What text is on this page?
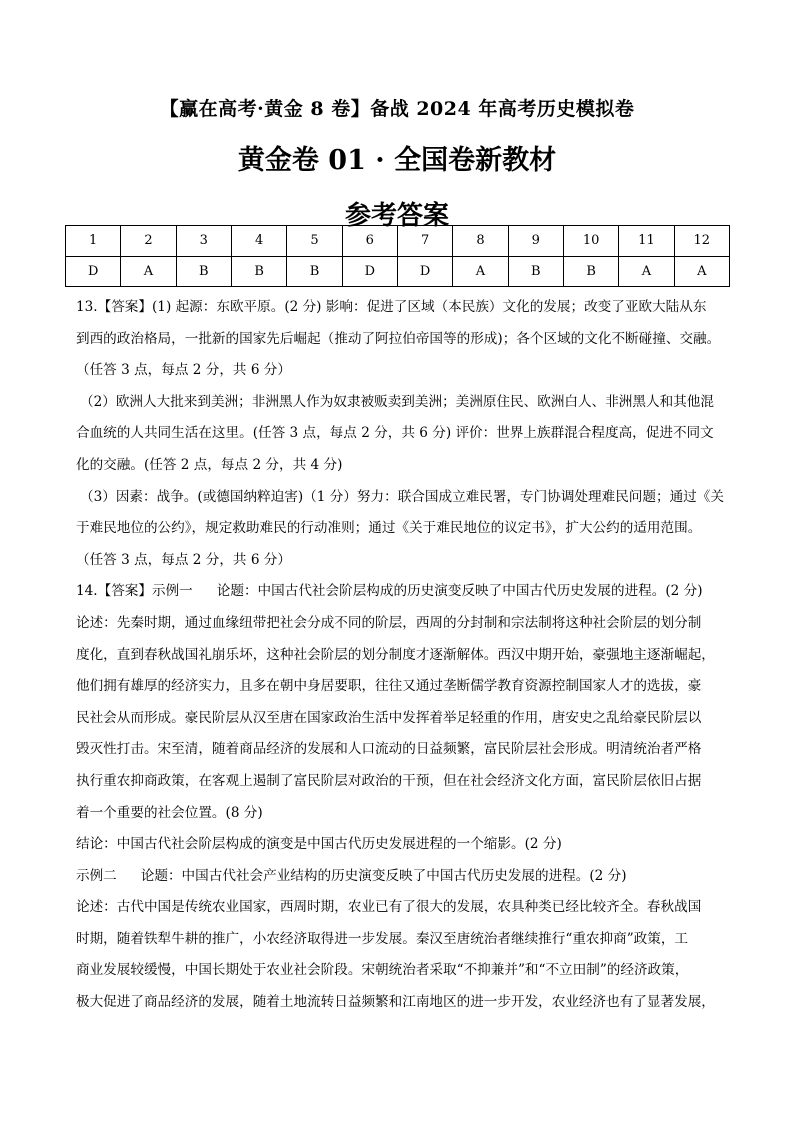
【赢在高考·黄金 8 卷】备战 2024 年高考历史模拟卷
黄金卷 01 · 全国卷新教材
参考答案
1	2	3	4	5	6	7	8	9	10	11	12
D	A	B	B	B	D	D	A	B	B	A	A
13.【答案】(1) 起源：东欧平原。(2 分) 影响：促进了区域（本民族）文化的发展；改变了亚欧大陆从东
到西的政治格局，一批新的国家先后崛起（推动了阿拉伯帝国等的形成)；各个区域的文化不断碰撞、交融。
（任答 3 点，每点 2 分，共 6 分）
（2）欧洲人大批来到美洲；非洲黑人作为奴隶被贩卖到美洲；美洲原住民、欧洲白人、非洲黑人和其他混
合血统的人共同生活在这里。(任答 3 点，每点 2 分，共 6 分) 评价：世界上族群混合程度高，促进不同文
化的交融。(任答 2 点，每点 2 分，共 4 分)
（3）因素：战争。(或德国纳粹迫害)（1 分）努力：联合国成立难民署，专门协调处理难民问题；通过《关
于难民地位的公约》，规定救助难民的行动准则；通过《关于难民地位的议定书》，扩大公约的适用范围。
（任答 3 点，每点 2 分，共 6 分）
14.【答案】示例一 论题：中国古代社会阶层构成的历史演变反映了中国古代历史发展的进程。(2 分)
论述：先秦时期，通过血缘纽带把社会分成不同的阶层，西周的分封制和宗法制将这种社会阶层的划分制
度化，直到春秋战国礼崩乐坏，这种社会阶层的划分制度才逐渐解体。西汉中期开始，豪强地主逐渐崛起，
他们拥有雄厚的经济实力，且多在朝中身居要职，往往又通过垄断儒学教育资源控制国家人才的选拔，豪
民社会从而形成。豪民阶层从汉至唐在国家政治生活中发挥着举足轻重的作用，唐安史之乱给豪民阶层以
毁灭性打击。宋至清，随着商品经济的发展和人口流动的日益频繁，富民阶层社会形成。明清统治者严格
执行重农抑商政策，在客观上遏制了富民阶层对政治的干预，但在社会经济文化方面，富民阶层依旧占据
着一个重要的社会位置。(8 分)
结论：中国古代社会阶层构成的演变是中国古代历史发展进程的一个缩影。(2 分)
示例二 论题：中国古代社会产业结构的历史演变反映了中国古代历史发展的进程。(2 分)
论述：古代中国是传统农业国家，西周时期，农业已有了很大的发展，农具种类已经比较齐全。春秋战国
时期，随着铁犁牛耕的推广，小农经济取得进一步发展。秦汉至唐统治者继续推行“重农抑商”政策，工
商业发展较缓慢，中国长期处于农业社会阶段。宋朝统治者采取“不抑兼并”和“不立田制”的经济政策，
极大促进了商品经济的发展，随着土地流转日益频繁和江南地区的进一步开发，农业经济也有了显著发展，
